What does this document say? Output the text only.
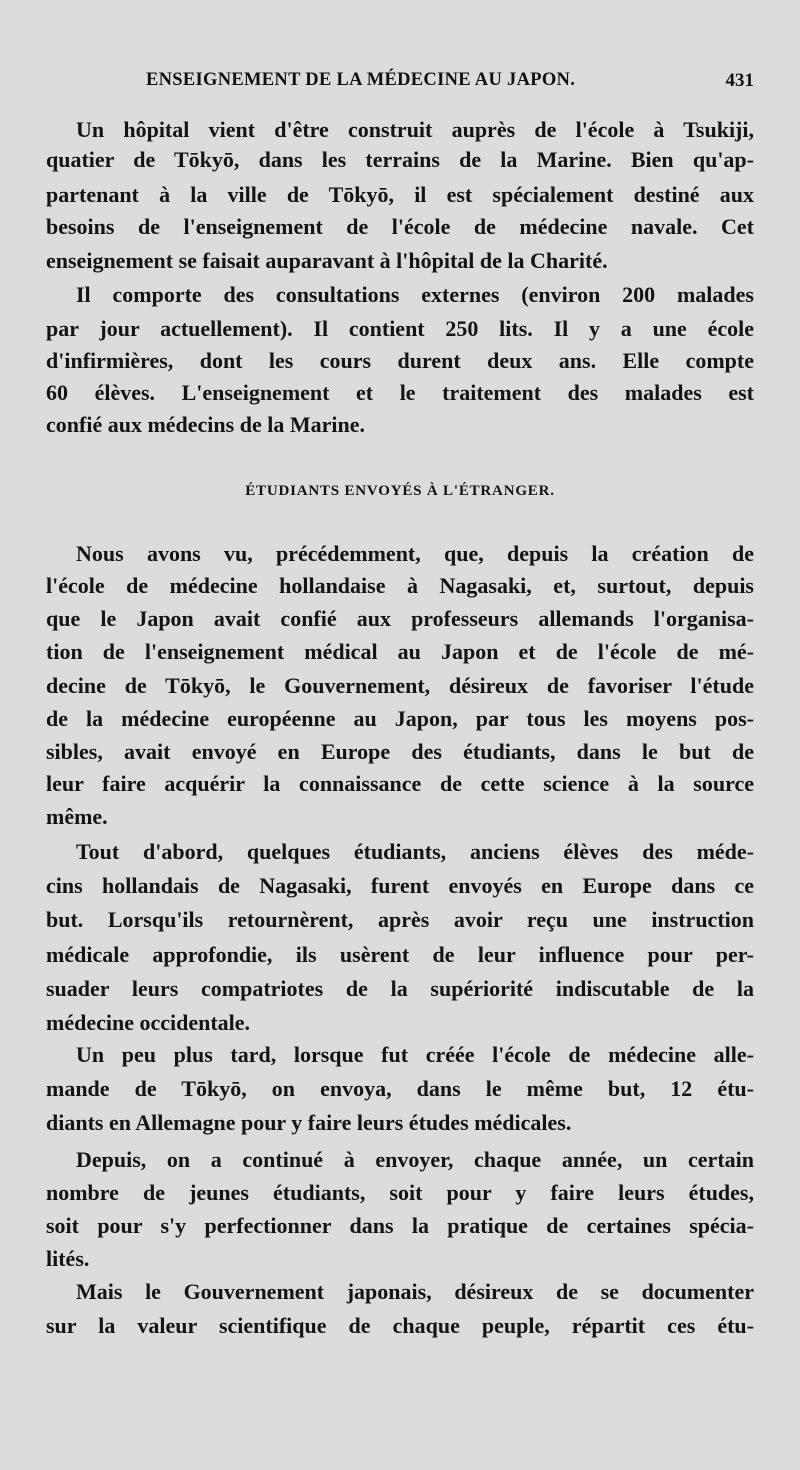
ENSEIGNEMENT DE LA MÉDECINE AU JAPON.	431
Un hôpital vient d'être construit auprès de l'école à Tsukiji,
quatier de Tōkyō, dans les terrains de la Marine. Bien qu'ap-
partenant à la ville de Tōkyō, il est spécialement destiné aux
besoins de l'enseignement de l'école de médecine navale. Cet
enseignement se faisait auparavant à l'hôpital de la Charité.
Il comporte des consultations externes (environ 200 malades
par jour actuellement). Il contient 250 lits. Il y a une école
d'infirmières, dont les cours durent deux ans. Elle compte
60 élèves. L'enseignement et le traitement des malades est
confié aux médecins de la Marine.
ÉTUDIANTS ENVOYÉS À L'ÉTRANGER.
Nous avons vu, précédemment, que, depuis la création de
l'école de médecine hollandaise à Nagasaki, et, surtout, depuis
que le Japon avait confié aux professeurs allemands l'organisa-
tion de l'enseignement médical au Japon et de l'école de mé-
decine de Tōkyō, le Gouvernement, désireux de favoriser l'étude
de la médecine européenne au Japon, par tous les moyens pos-
sibles, avait envoyé en Europe des étudiants, dans le but de
leur faire acquérir la connaissance de cette science à la source
même.
Tout d'abord, quelques étudiants, anciens élèves des méde-
cins hollandais de Nagasaki, furent envoyés en Europe dans ce
but. Lorsqu'ils retournèrent, après avoir reçu une instruction
médicale approfondie, ils usèrent de leur influence pour per-
suader leurs compatriotes de la supériorité indiscutable de la
médecine occidentale.
Un peu plus tard, lorsque fut créée l'école de médecine alle-
mande de Tōkyō, on envoya, dans le même but, 12 étu-
diants en Allemagne pour y faire leurs études médicales.
Depuis, on a continué à envoyer, chaque année, un certain
nombre de jeunes étudiants, soit pour y faire leurs études,
soit pour s'y perfectionner dans la pratique de certaines spécia-
lités.
Mais le Gouvernement japonais, désireux de se documenter
sur la valeur scientifique de chaque peuple, répartit ces étu-
